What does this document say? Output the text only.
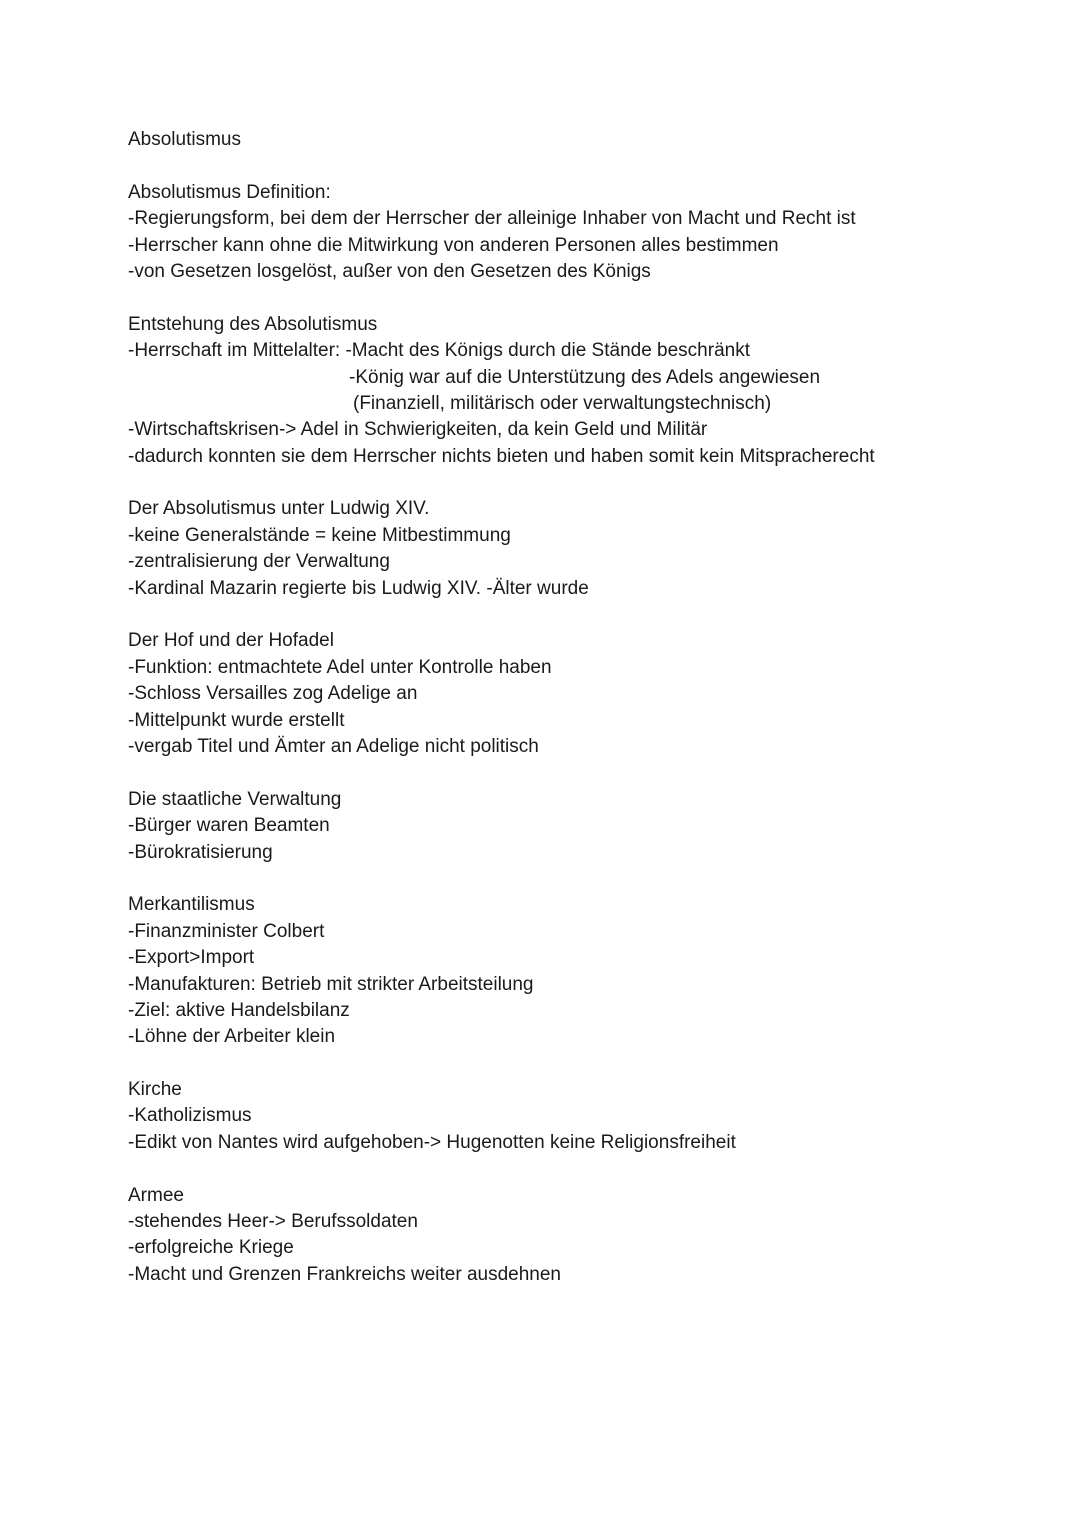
Absolutismus
Absolutismus Definition:
-Regierungsform, bei dem der Herrscher der alleinige Inhaber von Macht und Recht ist
-Herrscher kann ohne die Mitwirkung von anderen Personen alles bestimmen
-von Gesetzen losgelöst, außer von den Gesetzen des Königs
Entstehung des Absolutismus
-Herrschaft im Mittelalter: -Macht des Königs durch die Stände beschränkt
-König war auf die Unterstützung des Adels angewiesen
(Finanziell, militärisch oder verwaltungstechnisch)
-Wirtschaftskrisen-> Adel in Schwierigkeiten, da kein Geld und Militär
-dadurch konnten sie dem Herrscher nichts bieten und haben somit kein Mitspracherecht
Der Absolutismus unter Ludwig XIV.
-keine Generalstände = keine Mitbestimmung
-zentralisierung der Verwaltung
-Kardinal Mazarin regierte bis Ludwig XIV. -Älter wurde
Der Hof und der Hofadel
-Funktion: entmachtete Adel unter Kontrolle haben
-Schloss Versailles zog Adelige an
-Mittelpunkt wurde erstellt
-vergab Titel und Ämter an Adelige nicht politisch
Die staatliche Verwaltung
-Bürger waren Beamten
-Bürokratisierung
Merkantilismus
-Finanzminister Colbert
-Export>Import
-Manufakturen: Betrieb mit strikter Arbeitsteilung
-Ziel: aktive Handelsbilanz
-Löhne der Arbeiter klein
Kirche
-Katholizismus
-Edikt von Nantes wird aufgehoben-> Hugenotten keine Religionsfreiheit
Armee
-stehendes Heer-> Berufssoldaten
-erfolgreiche Kriege
-Macht und Grenzen Frankreichs weiter ausdehnen
